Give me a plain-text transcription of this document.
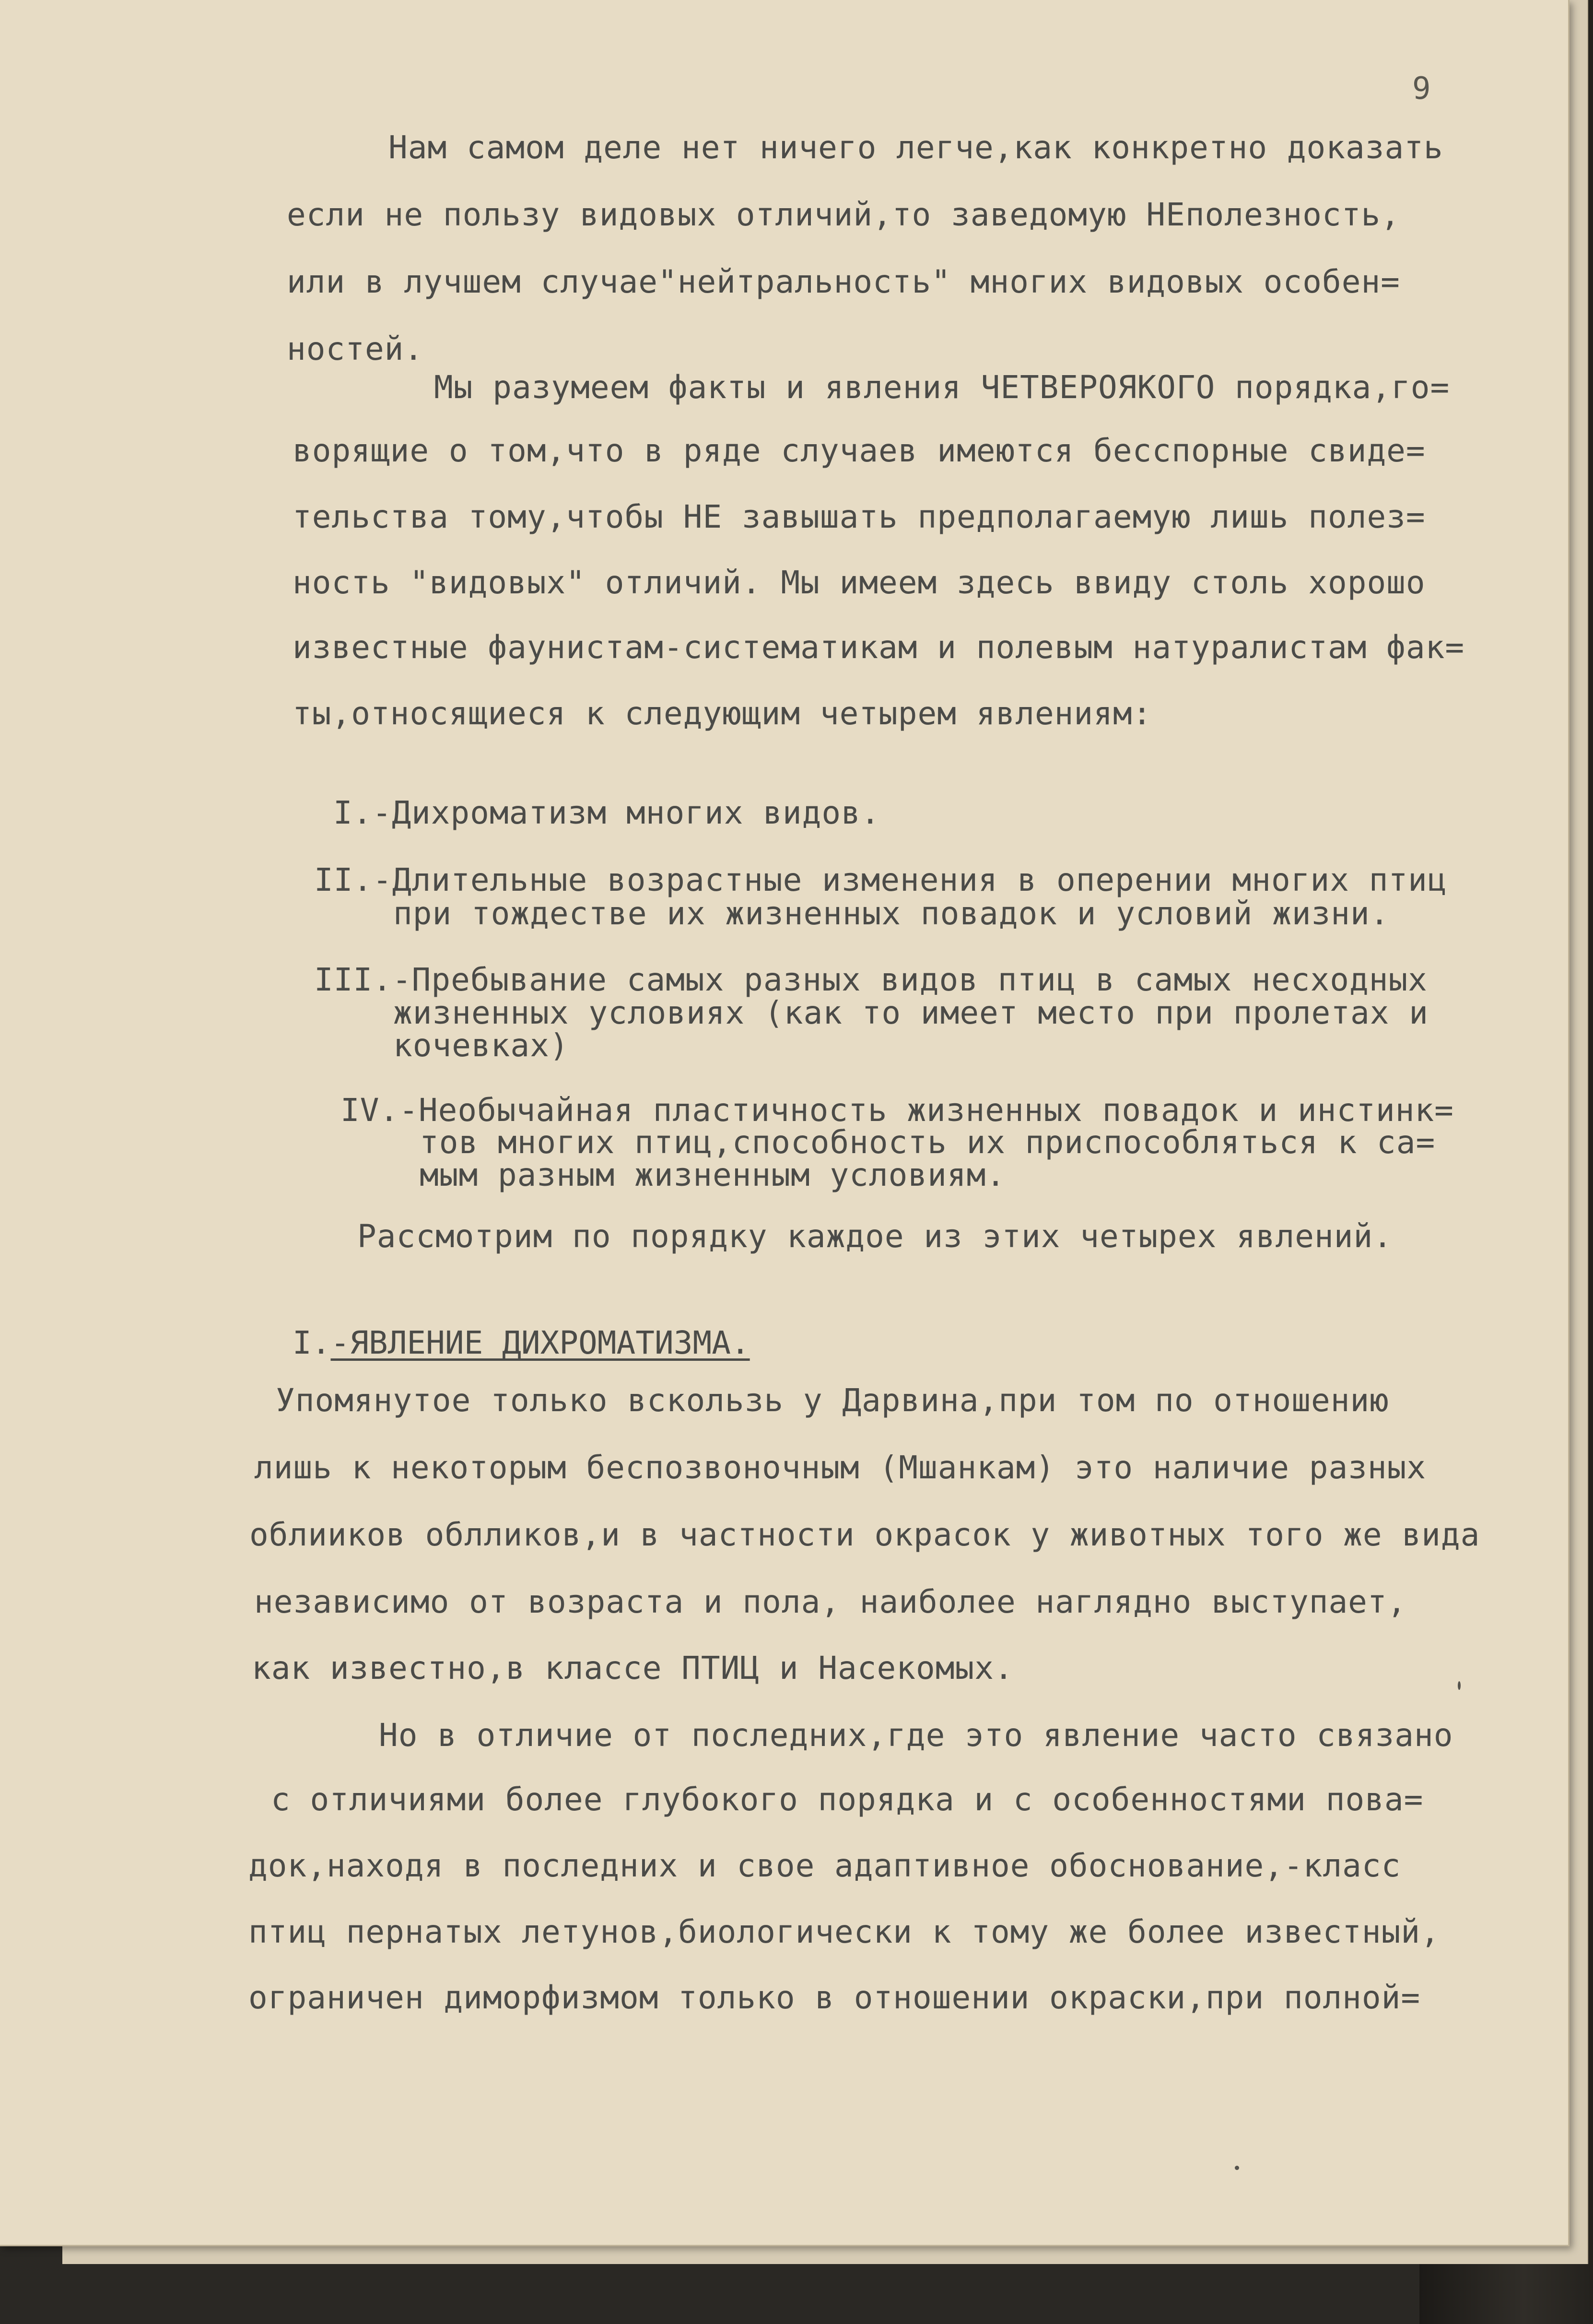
9
Нам самом деле нет ничего легче,как конкретно доказать
если не пользу видовых отличий,то заведомую НЕполезность,
или в лучшем случае"нейтральность" многих видовых особен=
ностей.
Мы разумеем факты и явления ЧЕТВЕРОЯКОГО порядка,го=
ворящие о том,что в ряде случаев имеются бесспорные свиде=
тельства тому,чтобы НЕ завышать предполагаемую лишь полез=
ность "видовых" отличий. Мы имеем здесь ввиду столь хорошо
известные фаунистам-систематикам и полевым натуралистам фак=
ты,относящиеся к следующим четырем явлениям:
I.-Дихроматизм многих видов.
II.-Длительные возрастные изменения в оперении многих птиц
при тождестве их жизненных повадок и условий жизни.
III.-Пребывание самых разных видов птиц в самых несходных
жизненных условиях (как то имеет место при пролетах и
кочевках)
IV.-Необычайная пластичность жизненных повадок и инстинк=
тов многих птиц,способность их приспособляться к са=
мым разным жизненным условиям.
Рассмотрим по порядку каждое из этих четырех явлений.
I.-ЯВЛЕНИЕ ДИХРОМАТИЗМА.
Упомянутое только вскользь у Дарвина,при том по отношению
лишь к некоторым беспозвоночным (Мшанкам) это наличие разных
облииков облликов,и в частности окрасок у животных того же вида
независимо от возраста и пола, наиболее наглядно выступает,
как известно,в классе ПТИЦ и Насекомых.
Но в отличие от последних,где это явление часто связано
с отличиями более глубокого порядка и с особенностями пова=
док,находя в последних и свое адаптивное обоснование,-класс
птиц пернатых летунов,биологически к тому же более известный,
ограничен диморфизмом только в отношении окраски,при полной=
